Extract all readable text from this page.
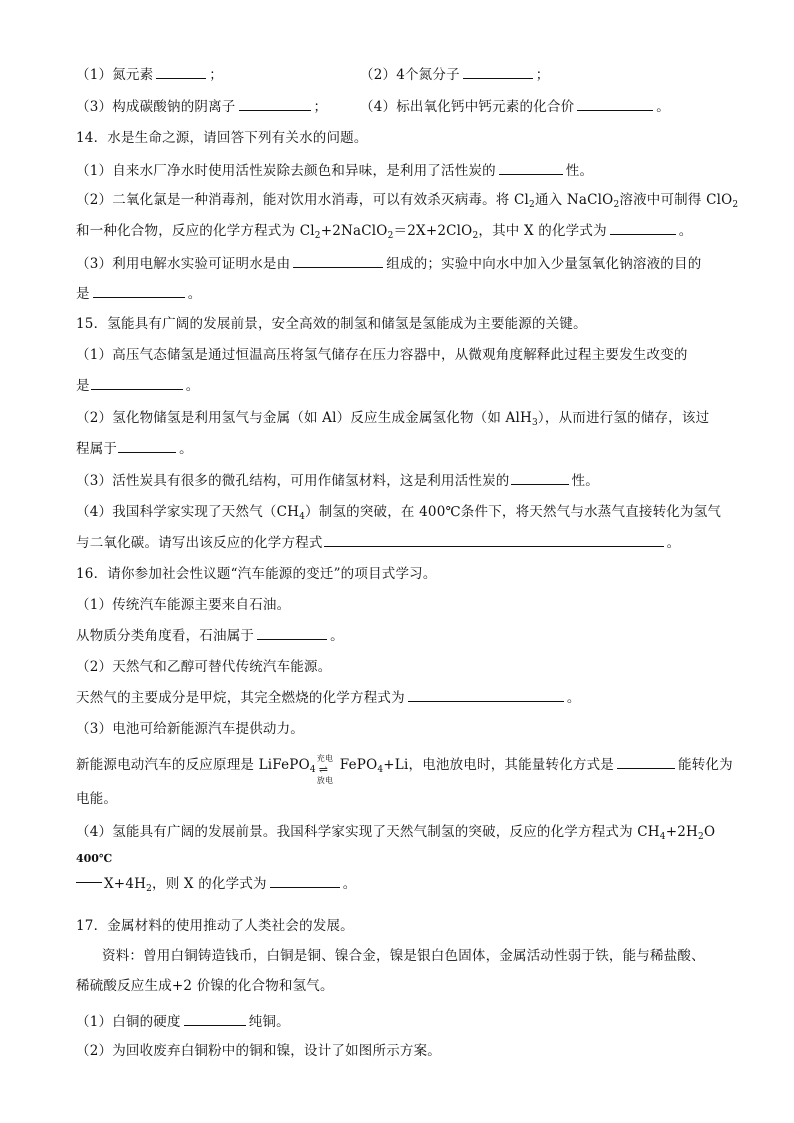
（1）氮元素	；	（2）4个氮分子	；
（3）构成碳酸钠的阴离子	； （4）标出氧化钙中钙元素的化合价	。
14．水是生命之源，请回答下列有关水的问题。
（1）自来水厂净水时使用活性炭除去颜色和异味，是利用了活性炭的	性。
（2）二氧化氯是一种消毒剂，能对饮用水消毒，可以有效杀灭病毒。将 $Cl_2$通入 NaClO$_2$溶液中可制得 ClO$_2$
和一种化合物，反应的化学方程式为 $Cl_2+2NaClO_2=2X+2ClO_2$，其中 X 的化学式为	。
（3）利用电解水实验可证明水是由	组成的；实验中向水中加入少量氢氧化钠溶液的目的
是	。
15．氢能具有广阔的发展前景，安全高效的制氢和储氢是氢能成为主要能源的关键。
（1）高压气态储氢是通过恒温高压将氢气储存在压力容器中，从微观角度解释此过程主要发生改变的
是	。
（2）氢化物储氢是利用氢气与金属（如 Al）反应生成金属氢化物（如 AlH$_3$），从而进行氢的储存，该过
程属于	。
（3）活性炭具有很多的微孔结构，可用作储氢材料，这是利用活性炭的	性。
（4）我国科学家实现了天然气$(CH_4)$制氢的突破，在 400℃条件下，将天然气与水蒸气直接转化为氢气
与二氧化碳。请写出该反应的化学方程式	。
16．请你参加社会性议题“汽车能源的变迁”的项目式学习。
（1）传统汽车能源主要来自石油。
从物质分类角度看，石油属于	。
（2）天然气和乙醇可替代传统汽车能源。
天然气的主要成分是甲烷，其完全燃烧的化学方程式为	。
（3）电池可给新能源汽车提供动力。
新能源电动汽车的反应原理是 LiFePO$_4$
充电
⇌
放电
FePO$_4$+Li，电池放电时，其能量转化方式是	能转化为
电能。
（4）氢能具有广阔的发展前景。我国科学家实现了天然气制氢的突破，反应的化学方程式为 $CH_4+2H_2O$
400℃
$X+4H_2$，则 X 的化学式为	。
17．金属材料的使用推动了人类社会的发展。
资料：曾用白铜铸造钱币，白铜是铜、镍合金，镍是银白色固体，金属活动性弱于铁，能与稀盐酸、
稀硫酸反应生成+2 价镍的化合物和氢气。
（1）白铜的硬度	纯铜。
（2）为回收废弃白铜粉中的铜和镍，设计了如图所示方案。
